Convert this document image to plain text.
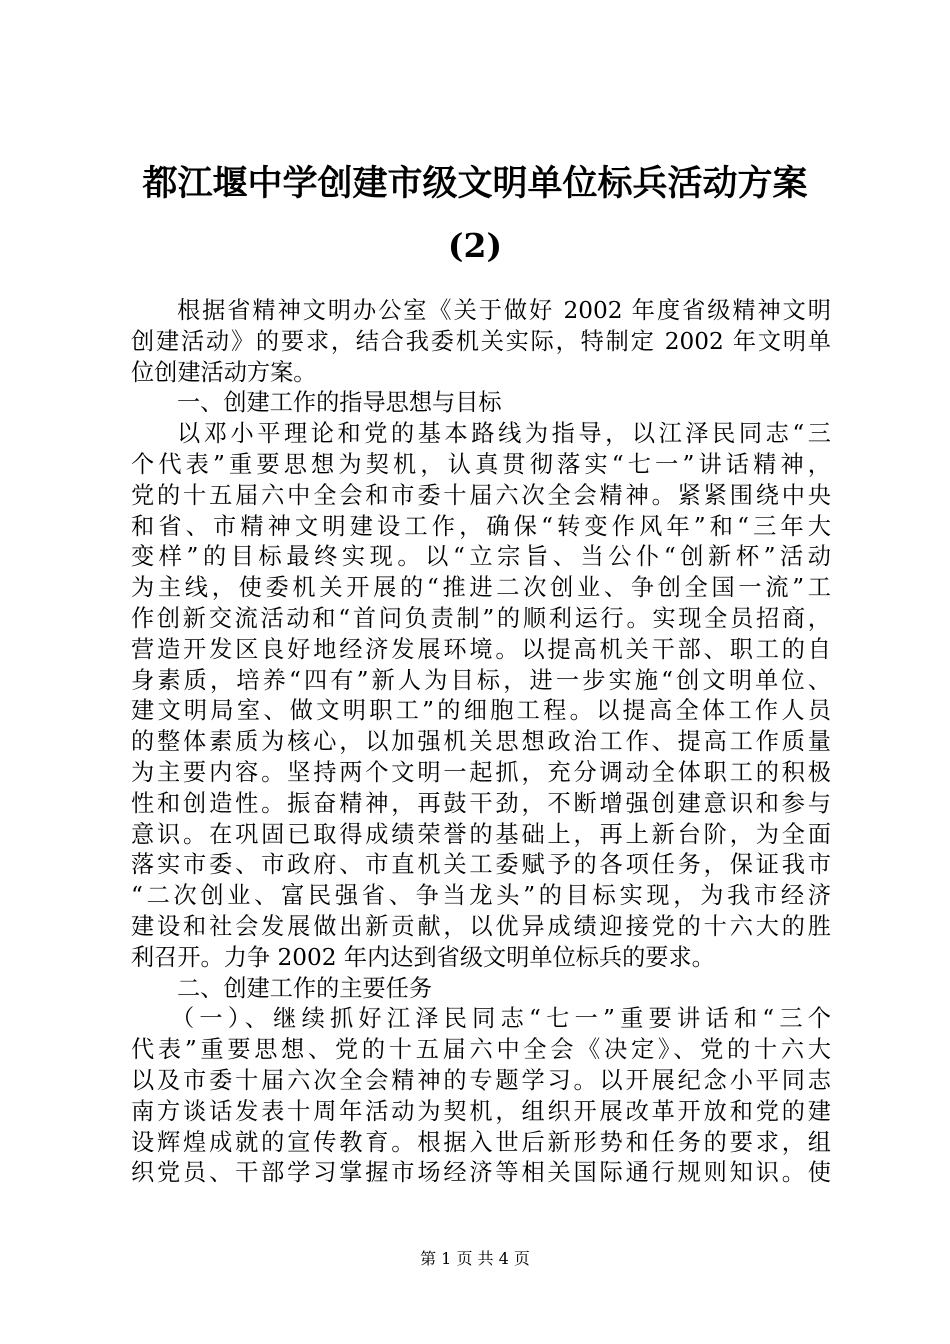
都江堰中学创建市级文明单位标兵活动方案
(2)
根据省精神文明办公室《关于做好 2002 年度省级精神文明
创建活动》的要求，结合我委机关实际，特制定 2002 年文明单
位创建活动方案。
一、创建工作的指导思想与目标
以邓小平理论和党的基本路线为指导，以江泽民同志“三
个代表”重要思想为契机，认真贯彻落实“七一”讲话精神，
党的十五届六中全会和市委十届六次全会精神。紧紧围绕中央
和省、市精神文明建设工作，确保“转变作风年”和“三年大
变样”的目标最终实现。以“立宗旨、当公仆“创新杯”活动
为主线，使委机关开展的“推进二次创业、争创全国一流”工
作创新交流活动和“首问负责制”的顺利运行。实现全员招商，
营造开发区良好地经济发展环境。以提高机关干部、职工的自
身素质，培养“四有”新人为目标，进一步实施“创文明单位、
建文明局室、做文明职工”的细胞工程。以提高全体工作人员
的整体素质为核心，以加强机关思想政治工作、提高工作质量
为主要内容。坚持两个文明一起抓，充分调动全体职工的积极
性和创造性。振奋精神，再鼓干劲，不断增强创建意识和参与
意识。在巩固已取得成绩荣誉的基础上，再上新台阶，为全面
落实市委、市政府、市直机关工委赋予的各项任务，保证我市
“二次创业、富民强省、争当龙头”的目标实现，为我市经济
建设和社会发展做出新贡献，以优异成绩迎接党的十六大的胜
利召开。力争 2002 年内达到省级文明单位标兵的要求。
二、创建工作的主要任务
（一）、继续抓好江泽民同志“七一”重要讲话和“三个
代表”重要思想、党的十五届六中全会《决定》、党的十六大
以及市委十届六次全会精神的专题学习。以开展纪念小平同志
南方谈话发表十周年活动为契机，组织开展改革开放和党的建
设辉煌成就的宣传教育。根据入世后新形势和任务的要求，组
织党员、干部学习掌握市场经济等相关国际通行规则知识。使
第 1 页 共 4 页
